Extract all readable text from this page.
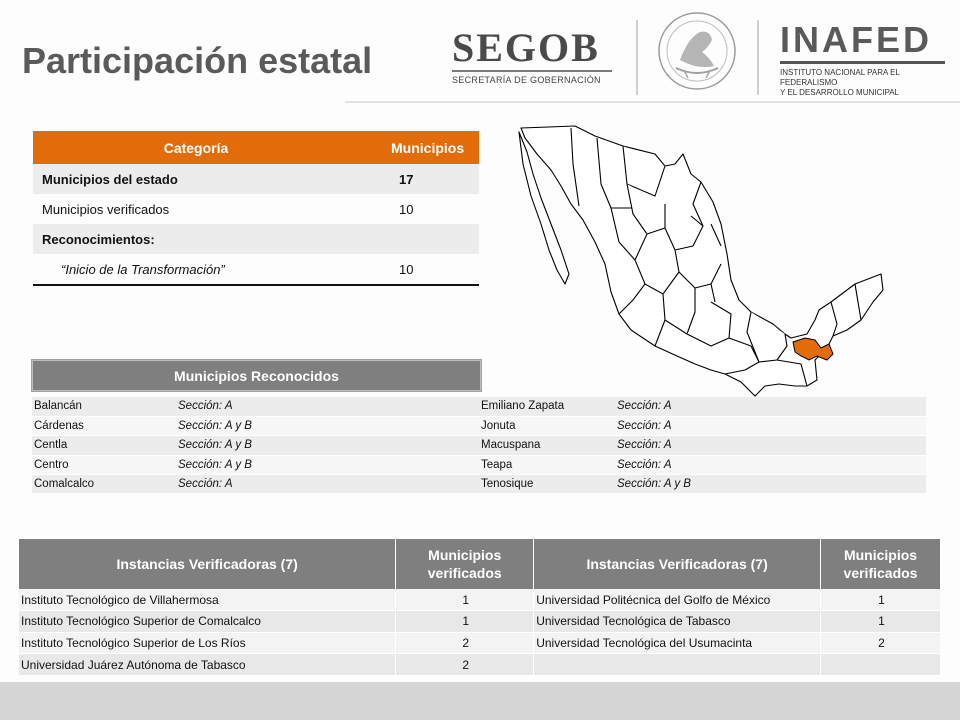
Participación estatal SEGOB
SECRETARÍA DE GOBERNACIÓN
INAFED
INSTITUTO NACIONAL PARA EL FEDERALISMO
Y EL DESARROLLO MUNICIPAL
Categoría	Municipios
Municipios del estado	17
Municipios verificados	10
Reconocimientos:
“Inicio de la Transformación”	10
Municipios Reconocidos
Balancán	Sección: A	Emiliano Zapata	Sección: A
Cárdenas	Sección: A y B	Jonuta	Sección: A
Centla	Sección: A y B	Macuspana	Sección: A
Centro	Sección: A y B	Teapa	Sección: A
Comalcalco	Sección: A	Tenosique	Sección: A y B
Instancias Verificadoras (7)	Municipios verificados	Instancias Verificadoras (7)	Municipios verificados
Instituto Tecnológico de Villahermosa	1	Universidad Politécnica del Golfo de México	1
Instituto Tecnológico Superior de Comalcalco	1	Universidad Tecnológica de Tabasco	1
Instituto Tecnológico Superior de Los Ríos	2	Universidad Tecnológica del Usumacinta	2
Universidad Juárez Autónoma de Tabasco	2		
